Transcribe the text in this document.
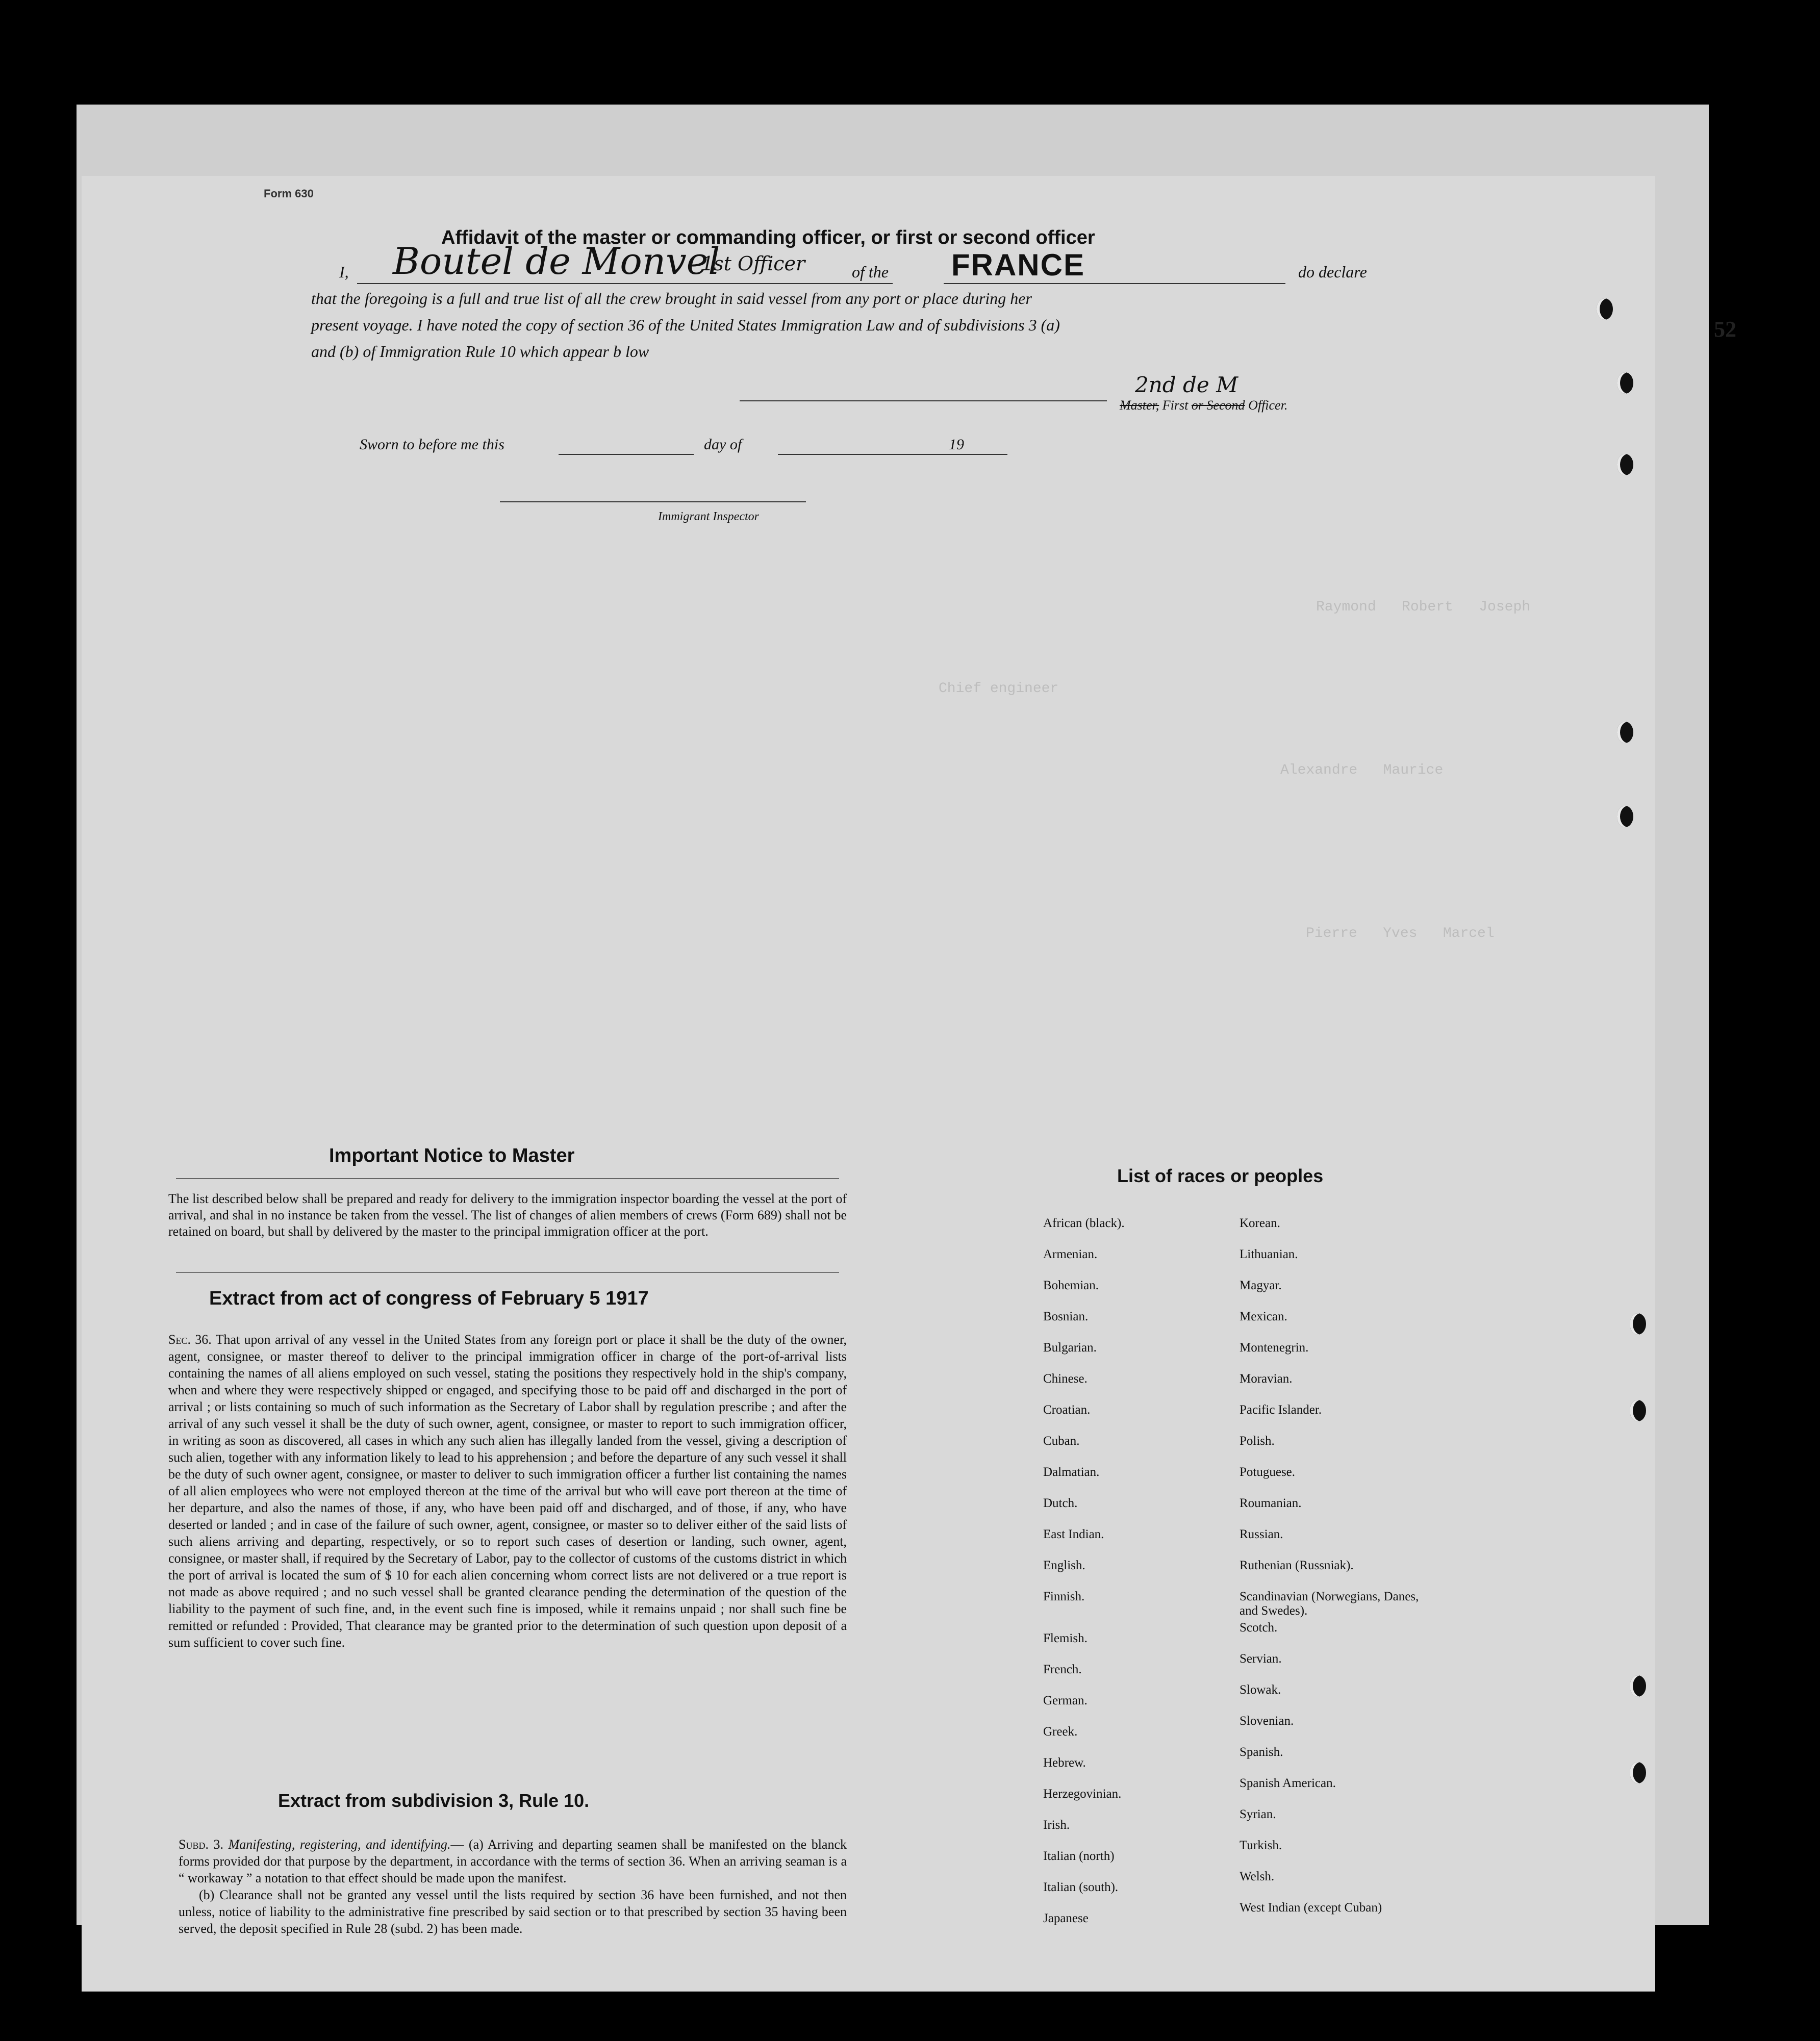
Raymond   Robert   Joseph
Chief engineer
Alexandre   Maurice
Pierre   Yves   Marcel
Form 630
Affidavit of the master or commanding officer, or first or second officer
I, Boutel de Monvel
1st Officer	of the FRANCE	do declare
that the foregoing is a full and true list of all the crew brought in said vessel from any port or place during her
present voyage. I have noted the copy of section 36 of the United States Immigration Law and of subdivisions 3 (a)
and (b) of Immigration Rule 10 which appear b low
2nd de M
Master, First or Second Officer.
Sworn to before me this	day of	19
Immigrant Inspector
Important Notice to Master
The list described below shall be prepared and ready for delivery to the immigration inspector boarding the vessel at the port of arrival, and shal in no instance be taken from the vessel. The list of changes of alien members of crews (Form 689) shall not be retained on board, but shall by delivered by the master to the principal immigration officer at the port.
Extract from act of congress of February 5 1917
Sec. 36. That upon arrival of any vessel in the United States from any foreign port or place it shall be the duty of the owner, agent, consignee, or master thereof to deliver to the principal immigration officer in charge of the port-of-arrival lists containing the names of all aliens employed on such vessel, stating the positions they respectively hold in the ship's company, when and where they were respectively shipped or engaged, and specifying those to be paid off and discharged in the port of arrival ; or lists containing so much of such information as the Secretary of Labor shall by regulation prescribe ; and after the arrival of any such vessel it shall be the duty of such owner, agent, consignee, or master to report to such immigration officer, in writing as soon as discovered, all cases in which any such alien has illegally landed from the vessel, giving a description of such alien, together with any information likely to lead to his apprehension ; and before the departure of any such vessel it shall be the duty of such owner agent, consignee, or master to deliver to such immigration officer a further list containing the names of all alien employees who were not employed thereon at the time of the arrival but who will eave port thereon at the time of her departure, and also the names of those, if any, who have been paid off and discharged, and of those, if any, who have deserted or landed ; and in case of the failure of such owner, agent, consignee, or master so to deliver either of the said lists of such aliens arriving and departing, respectively, or so to report such cases of desertion or landing, such owner, agent, consignee, or master shall, if required by the Secretary of Labor, pay to the collector of customs of the customs district in which the port of arrival is located the sum of $ 10 for each alien concerning whom correct lists are not delivered or a true report is not made as above required ; and no such vessel shall be granted clearance pending the determination of the question of the liability to the payment of such fine, and, in the event such fine is imposed, while it remains unpaid ; nor shall such fine be remitted or refunded : Provided, That clearance may be granted prior to the determination of such question upon deposit of a sum sufficient to cover such fine.
Extract from subdivision 3, Rule 10.
Subd. 3. Manifesting, registering, and identifying.— (a) Arriving and departing seamen shall be manifested on the blanck forms provided dor that purpose by the department, in accordance with the terms of section 36. When an arriving seaman is a “ workaway ” a notation to that effect should be made upon the manifest.
(b) Clearance shall not be granted any vessel until the lists required by section 36 have been furnished, and not then unless, notice of liability to the administrative fine prescribed by said section or to that prescribed by section 35 having been served, the deposit specified in Rule 28 (subd. 2) has been made.
List of races or peoples
African (black).
Armenian.
Bohemian.
Bosnian.
Bulgarian.
Chinese.
Croatian.
Cuban.
Dalmatian.
Dutch.
East Indian.
English.
Finnish.
Flemish.
French.
German.
Greek.
Hebrew.
Herzegovinian.
Irish.
Italian (north)
Italian (south).
Japanese
Korean.
Lithuanian.
Magyar.
Mexican.
Montenegrin.
Moravian.
Pacific Islander.
Polish.
Potuguese.
Roumanian.
Russian.
Ruthenian (Russniak).
Scandinavian (Norwegians, Danes, and Swedes).
Scotch.
Servian.
Slowak.
Slovenian.
Spanish.
Spanish American.
Syrian.
Turkish.
Welsh.
West Indian (except Cuban)
52
